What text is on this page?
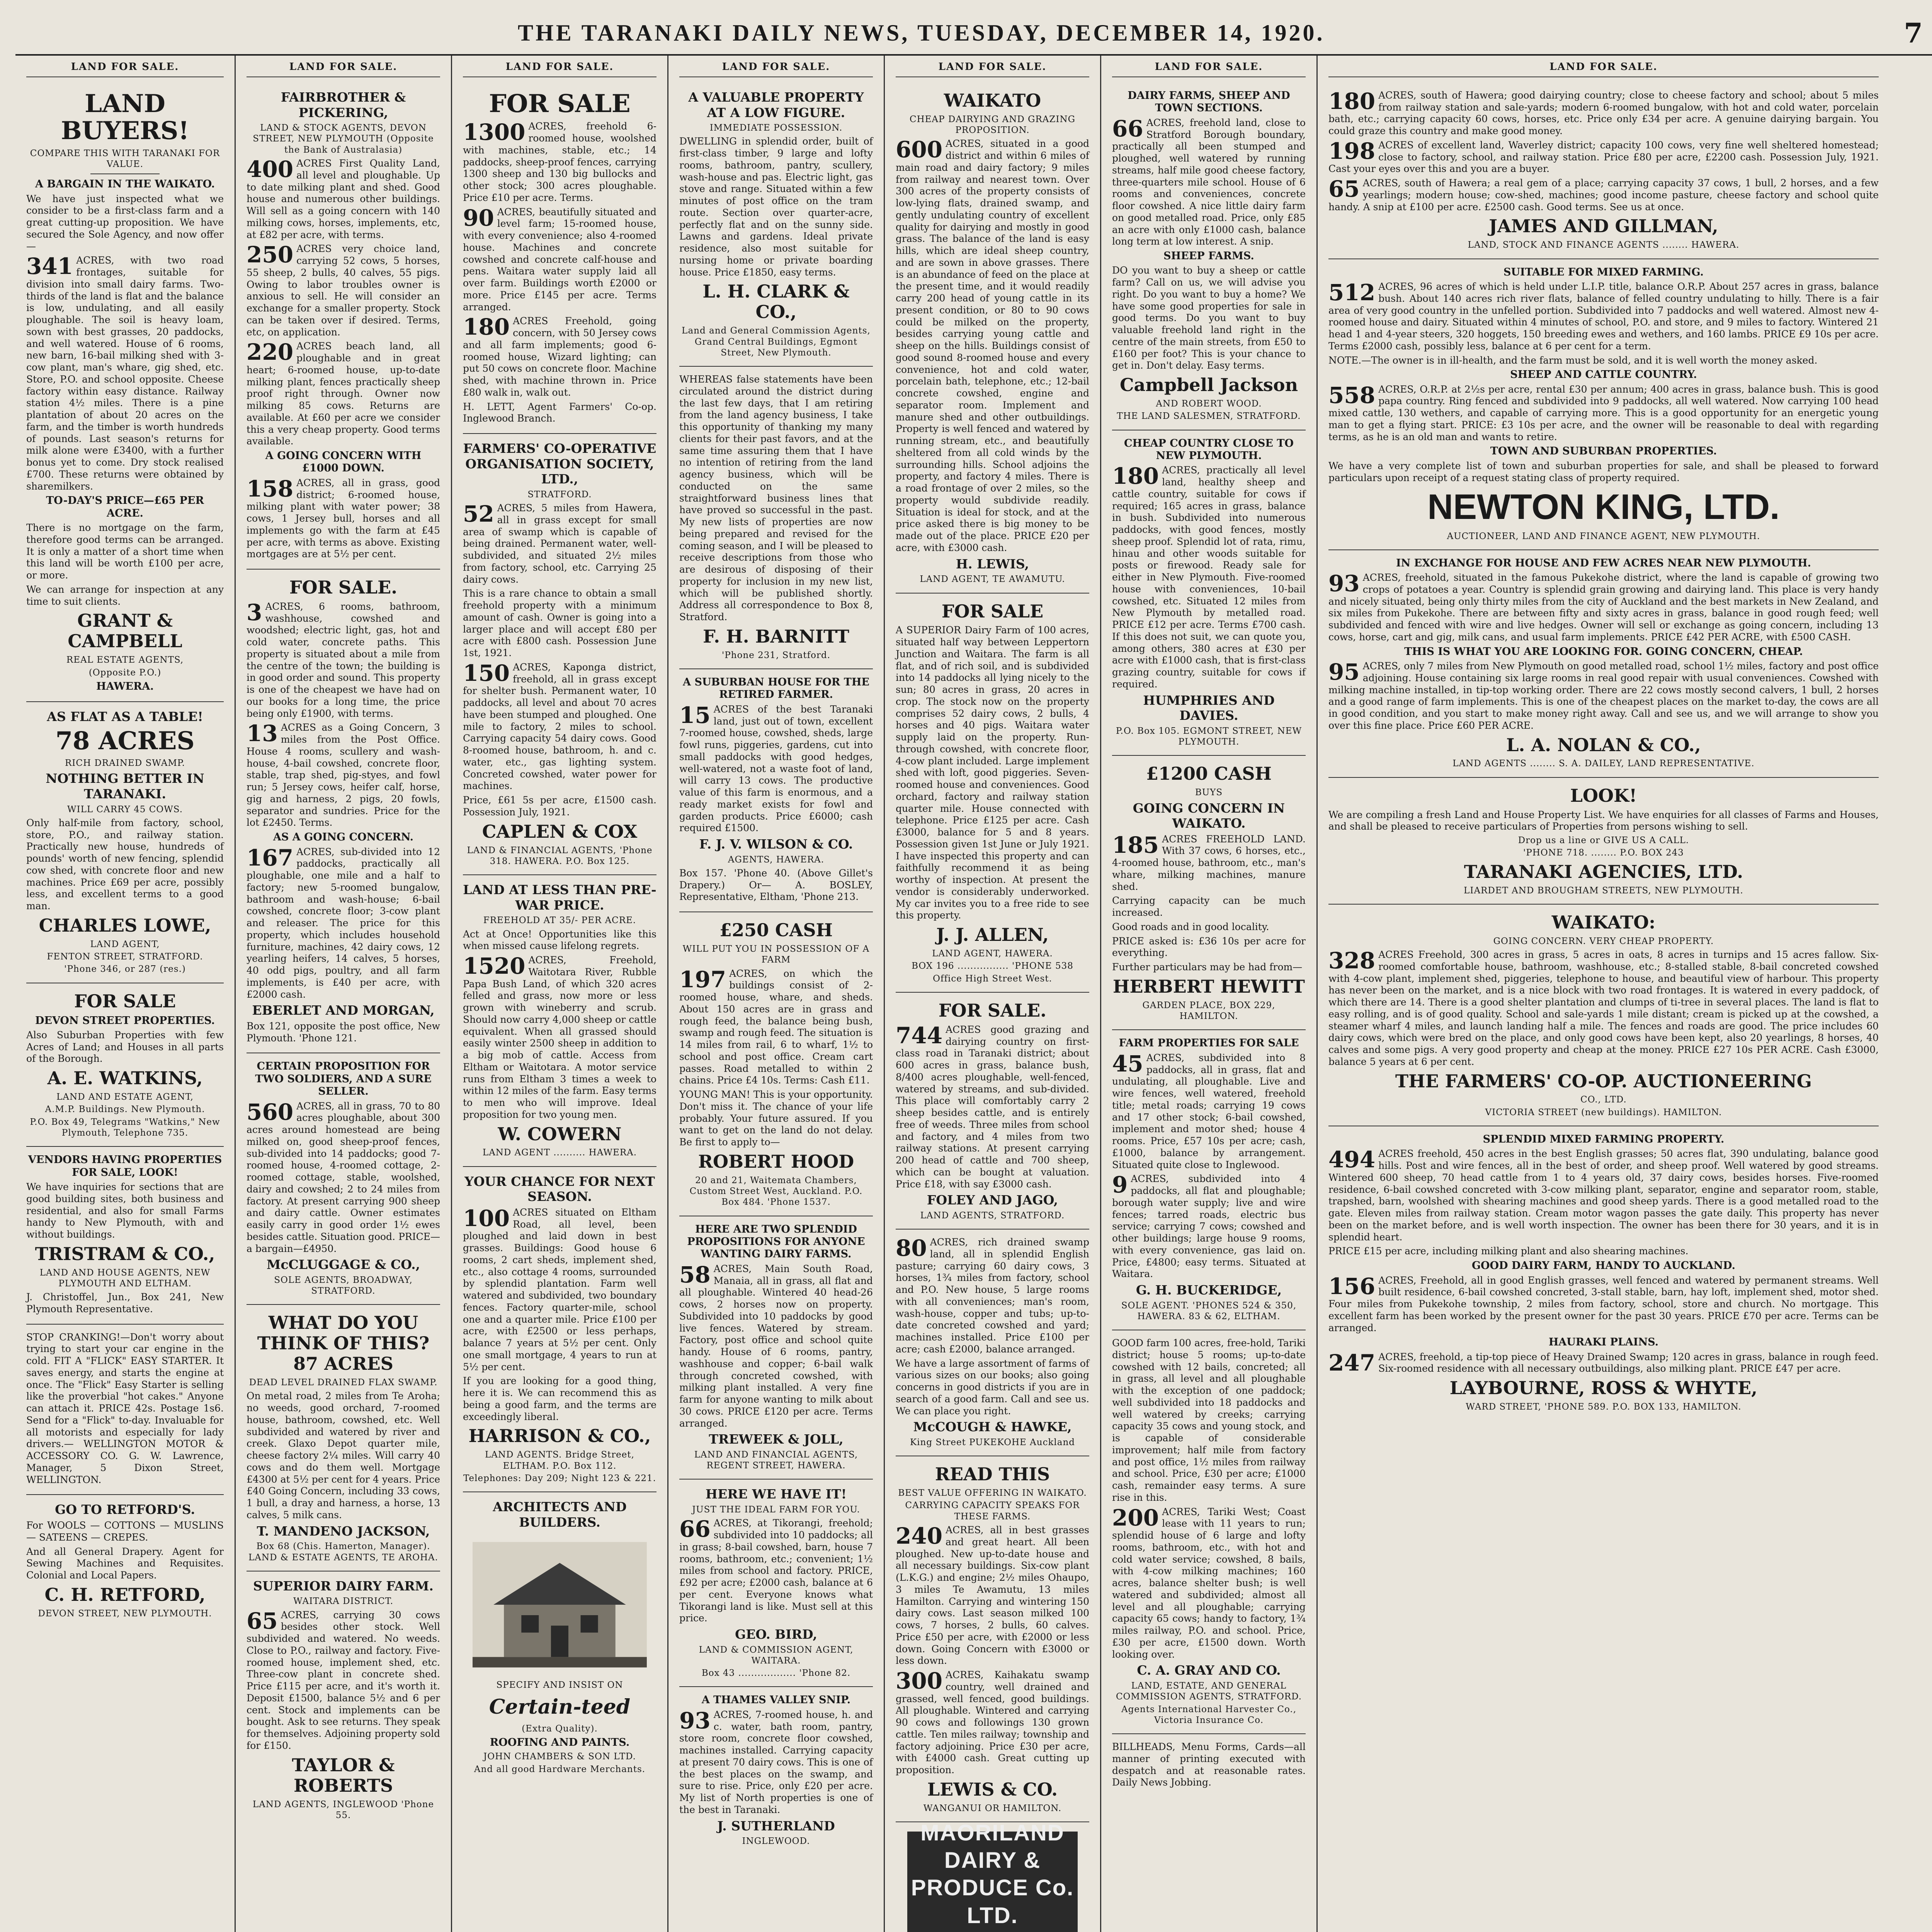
THE TARANAKI DAILY NEWS, TUESDAY, DECEMBER 14, 1920.	7
LAND FOR SALE.
LAND BUYERS!
COMPARE THIS WITH TARANAKI FOR VALUE.
A BARGAIN IN THE WAIKATO.

We have just inspected what we consider to be a first-class farm and a great cutting-up proposition. We have secured the Sole Agency, and now offer—

341 ACRES, with two road frontages, suitable for division into small dairy farms. Two-thirds of the land is flat and the balance is low, undulating, and all easily ploughable. The soil is heavy loam, sown with best grasses, 20 paddocks, and well watered. House of 6 rooms, new barn, 16-bail milking shed with 3-cow plant, man's whare, gig shed, etc. Store, P.O. and school opposite. Cheese factory within easy distance. Railway station 4½ miles. There is a pine plantation of about 20 acres on the farm, and the timber is worth hundreds of pounds. Last season's returns for milk alone were £3400, with a further bonus yet to come. Dry stock realised £700. These returns were obtained by sharemilkers.

TO-DAY'S PRICE—£65 PER ACRE.

There is no mortgage on the farm, therefore good terms can be arranged. It is only a matter of a short time when this land will be worth £100 per acre, or more.

We can arrange for inspection at any time to suit clients.

GRANT & CAMPBELL
REAL ESTATE AGENTS,
(Opposite P.O.)
HAWERA.
AS FLAT AS A TABLE!
78 ACRES
RICH DRAINED SWAMP.
NOTHING BETTER IN TARANAKI.
WILL CARRY 45 COWS.

Only half-mile from factory, school, store, P.O., and railway station. Practically new house, hundreds of pounds' worth of new fencing, splendid cow shed, with concrete floor and new machines. Price £69 per acre, possibly less, and excellent terms to a good man.

CHARLES LOWE,
LAND AGENT,
FENTON STREET, STRATFORD.
'Phone 346, or 287 (res.)
FOR SALE
DEVON STREET PROPERTIES.

Also Suburban Properties with few Acres of Land; and Houses in all parts of the Borough.

A. E. WATKINS,
LAND AND ESTATE AGENT,
A.M.P. Buildings. New Plymouth.
P.O. Box 49, Telegrams "Watkins," New Plymouth, Telephone 735.
VENDORS HAVING PROPERTIES FOR SALE, LOOK!

We have inquiries for sections that are good building sites, both business and residential, and also for small Farms handy to New Plymouth, with and without buildings.

TRISTRAM & CO.,
LAND AND HOUSE AGENTS, NEW PLYMOUTH AND ELTHAM.

J. Christoffel, Jun., Box 241, New Plymouth Representative.

STOP CRANKING!—Don't worry about trying to start your car engine in the cold. FIT A "FLICK" EASY STARTER. It saves energy, and starts the engine at once. The "Flick" Easy Starter is selling like the proverbial "hot cakes." Anyone can attach it. PRICE 42s. Postage 1s6. Send for a "Flick" to-day. Invaluable for all motorists and especially for lady drivers.— WELLINGTON MOTOR & ACCESSORY CO. G. W. Lawrence, Manager, 5 Dixon Street, WELLINGTON.

GO TO RETFORD'S.

For WOOLS — COTTONS — MUSLINS — SATEENS — CREPES.

And all General Drapery. Agent for Sewing Machines and Requisites. Colonial and Local Papers.

C. H. RETFORD,
DEVON STREET, NEW PLYMOUTH.
LAND FOR SALE.
FAIRBROTHER & PICKERING,
LAND & STOCK AGENTS, DEVON STREET, NEW PLYMOUTH (Opposite the Bank of Australasia)

400 ACRES First Quality Land, all level and ploughable. Up to date milking plant and shed. Good house and numerous other buildings. Will sell as a going concern with 140 milking cows, horses, implements, etc, at £82 per acre, with terms.

250 ACRES very choice land, carrying 52 cows, 5 horses, 55 sheep, 2 bulls, 40 calves, 55 pigs. Owing to labor troubles owner is anxious to sell. He will consider an exchange for a smaller property. Stock can be taken over if desired. Terms, etc, on application.

220 ACRES beach land, all ploughable and in great heart; 6-roomed house, up-to-date milking plant, fences practically sheep proof right through. Owner now milking 85 cows. Returns are available. At £60 per acre we consider this a very cheap property. Good terms available.

A GOING CONCERN WITH £1000 DOWN.

158 ACRES, all in grass, good district; 6-roomed house, milking plant with water power; 38 cows, 1 Jersey bull, horses and all implements go with the farm at £45 per acre, with terms as above. Existing mortgages are at 5½ per cent.

FOR SALE.

3 ACRES, 6 rooms, bathroom, washhouse, cowshed and woodshed; electric light, gas, hot and cold water, concrete paths. This property is situated about a mile from the centre of the town; the building is in good order and sound. This property is one of the cheapest we have had on our books for a long time, the price being only £1900, with terms.

13 ACRES as a Going Concern, 3 miles from the Post Office. House 4 rooms, scullery and wash-house, 4-bail cowshed, concrete floor, stable, trap shed, pig-styes, and fowl run; 5 Jersey cows, heifer calf, horse, gig and harness, 2 pigs, 20 fowls, separator and sundries. Price for the lot £2450. Terms.

AS A GOING CONCERN.

167 ACRES, sub-divided into 12 paddocks, practically all ploughable, one mile and a half to factory; new 5-roomed bungalow, bathroom and wash-house; 6-bail cowshed, concrete floor; 3-cow plant and releaser. The price for this property, which includes household furniture, machines, 42 dairy cows, 12 yearling heifers, 14 calves, 5 horses, 40 odd pigs, poultry, and all farm implements, is £40 per acre, with £2000 cash.

EBERLET AND MORGAN,

Box 121, opposite the post office, New Plymouth. 'Phone 121.

CERTAIN PROPOSITION FOR TWO SOLDIERS, AND A SURE SELLER.

560 ACRES, all in grass, 70 to 80 acres ploughable, about 300 acres around homestead are being milked on, good sheep-proof fences, sub-divided into 14 paddocks; good 7-roomed house, 4-roomed cottage, 2-roomed cottage, stable, woolshed, dairy and cowshed; 2 to 24 miles from factory. At present carrying 900 sheep and dairy cattle. Owner estimates easily carry in good order 1½ ewes besides cattle. Situation good. PRICE—a bargain—£4950.

McCLUGGAGE & CO.,
SOLE AGENTS, BROADWAY, STRATFORD.
WHAT DO YOU THINK OF THIS? 87 ACRES
DEAD LEVEL DRAINED FLAX SWAMP.

On metal road, 2 miles from Te Aroha; no weeds, good orchard, 7-roomed house, bathroom, cowshed, etc. Well subdivided and watered by river and creek. Glaxo Depot quarter mile, cheese factory 2¼ miles. Will carry 40 cows and do them well. Mortgage £4300 at 5½ per cent for 4 years. Price £40 Going Concern, including 33 cows, 1 bull, a dray and harness, a horse, 13 calves, 5 milk cans.

T. MANDENO JACKSON,
Box 68 (Chis. Hamerton, Manager). LAND & ESTATE AGENTS, TE AROHA.
SUPERIOR DAIRY FARM.
WAITARA DISTRICT.

65 ACRES, carrying 30 cows besides other stock. Well subdivided and watered. No weeds. Close to P.O., railway and factory. Five-roomed house, implement shed, etc. Three-cow plant in concrete shed. Price £115 per acre, and it's worth it. Deposit £1500, balance 5½ and 6 per cent. Stock and implements can be bought. Ask to see returns. They speak for themselves. Adjoining property sold for £150.

TAYLOR & ROBERTS
LAND AGENTS, INGLEWOOD 'Phone 55.
LAND FOR SALE.
FOR SALE

1300 ACRES, freehold 6-roomed house, woolshed with machines, stable, etc.; 14 paddocks, sheep-proof fences, carrying 1300 sheep and 130 big bullocks and other stock; 300 acres ploughable. Price £10 per acre. Terms.

90 ACRES, beautifully situated and level farm; 15-roomed house, with every convenience; also 4-roomed house. Machines and concrete cowshed and concrete calf-house and pens. Waitara water supply laid all over farm. Buildings worth £2000 or more. Price £145 per acre. Terms arranged.

180 ACRES Freehold, going concern, with 50 Jersey cows and all farm implements; good 6-roomed house, Wizard lighting; can put 50 cows on concrete floor. Machine shed, with machine thrown in. Price £80 walk in, walk out.

H. LETT, Agent Farmers' Co-op. Inglewood Branch.

FARMERS' CO-OPERATIVE ORGANISATION SOCIETY, LTD.,
STRATFORD.

52 ACRES, 5 miles from Hawera, all in grass except for small area of swamp which is capable of being drained. Permanent water, well-subdivided, and situated 2½ miles from factory, school, etc. Carrying 25 dairy cows.

This is a rare chance to obtain a small freehold property with a minimum amount of cash. Owner is going into a larger place and will accept £80 per acre with £800 cash. Possession June 1st, 1921.

150 ACRES, Kaponga district, freehold, all in grass except for shelter bush. Permanent water, 10 paddocks, all level and about 70 acres have been stumped and ploughed. One mile to factory, 2 miles to school. Carrying capacity 54 dairy cows. Good 8-roomed house, bathroom, h. and c. water, etc., gas lighting system. Concreted cowshed, water power for machines.

Price, £61 5s per acre, £1500 cash. Possession July, 1921.

CAPLEN & COX
LAND & FINANCIAL AGENTS, 'Phone 318. HAWERA. P.O. Box 125.
LAND AT LESS THAN PRE-WAR PRICE.
FREEHOLD AT 35/- PER ACRE.

Act at Once! Opportunities like this when missed cause lifelong regrets.

1520 ACRES, Freehold, Waitotara River, Rubble Papa Bush Land, of which 320 acres felled and grass, now more or less grown with wineberry and scrub. Should now carry 4,000 sheep or cattle equivalent. When all grassed should easily winter 2500 sheep in addition to a big mob of cattle. Access from Eltham or Waitotara. A motor service runs from Eltham 3 times a week to within 12 miles of the farm. Easy terms to men who will improve. Ideal proposition for two young men.

W. COWERN
LAND AGENT .......... HAWERA.
YOUR CHANCE FOR NEXT SEASON.

100 ACRES situated on Eltham Road, all level, been ploughed and laid down in best grasses. Buildings: Good house 6 rooms, 2 cart sheds, implement shed, etc., also cottage 4 rooms, surrounded by splendid plantation. Farm well watered and subdivided, two boundary fences. Factory quarter-mile, school one and a quarter mile. Price £100 per acre, with £2500 or less perhaps, balance 7 years at 5½ per cent. Only one small mortgage, 4 years to run at 5½ per cent.

If you are looking for a good thing, here it is. We can recommend this as being a good farm, and the terms are exceedingly liberal.

HARRISON & CO.,
LAND AGENTS. Bridge Street, ELTHAM. P.O. Box 112.
Telephones: Day 209; Night 123 & 221.
ARCHITECTS AND BUILDERS.
SPECIFY AND INSIST ON
Certain-teed
(Extra Quality).
ROOFING AND PAINTS.
JOHN CHAMBERS & SON LTD.
And all good Hardware Merchants.
LAND FOR SALE.
A VALUABLE PROPERTY AT A LOW FIGURE.
IMMEDIATE POSSESSION.

DWELLING in splendid order, built of first-class timber, 9 large and lofty rooms, bathroom, pantry, scullery, wash-house and pas. Electric light, gas stove and range. Situated within a few minutes of post office on the tram route. Section over quarter-acre, perfectly flat and on the sunny side. Lawns and gardens. Ideal private residence, also most suitable for nursing home or private boarding house. Price £1850, easy terms.

L. H. CLARK & CO.,
Land and General Commission Agents, Grand Central Buildings, Egmont Street, New Plymouth.

WHEREAS false statements have been circulated around the district during the last few days, that I am retiring from the land agency business, I take this opportunity of thanking my many clients for their past favors, and at the same time assuring them that I have no intention of retiring from the land agency business, which will be conducted on the same straightforward business lines that have proved so successful in the past. My new lists of properties are now being prepared and revised for the coming season, and I will be pleased to receive descriptions from those who are desirous of disposing of their property for inclusion in my new list, which will be published shortly. Address all correspondence to Box 8, Stratford.

F. H. BARNITT
'Phone 231, Stratford.
A SUBURBAN HOUSE FOR THE RETIRED FARMER.

15 ACRES of the best Taranaki land, just out of town, excellent 7-roomed house, cowshed, sheds, large fowl runs, piggeries, gardens, cut into small paddocks with good hedges, well-watered, not a waste foot of land, will carry 13 cows. The productive value of this farm is enormous, and a ready market exists for fowl and garden products. Price £6000; cash required £1500.

F. J. V. WILSON & CO.
AGENTS, HAWERA.

Box 157. 'Phone 40. (Above Gillet's Drapery.) Or— A. BOSLEY, Representative, Eltham, 'Phone 213.

£250 CASH
WILL PUT YOU IN POSSESSION OF A FARM

197 ACRES, on which the buildings consist of 2-roomed house, whare, and sheds. About 150 acres are in grass and rough feed, the balance being bush, swamp and rough feed. The situation is 14 miles from rail, 6 to wharf, 1½ to school and post office. Cream cart passes. Road metalled to within 2 chains. Price £4 10s. Terms: Cash £11.

YOUNG MAN! This is your opportunity. Don't miss it. The chance of your life probably. Your future assured. If you want to get on the land do not delay. Be first to apply to—

ROBERT HOOD
20 and 21, Waitemata Chambers, Custom Street West, Auckland. P.O. Box 484. 'Phone 1537.
HERE ARE TWO SPLENDID PROPOSITIONS FOR ANYONE WANTING DAIRY FARMS.

58 ACRES, Main South Road, Manaia, all in grass, all flat and all ploughable. Wintered 40 head-26 cows, 2 horses now on property. Subdivided into 10 paddocks by good live fences. Watered by stream. Factory, post office and school quite handy. House of 6 rooms, pantry, washhouse and copper; 6-bail walk through concreted cowshed, with milking plant installed. A very fine farm for anyone wanting to milk about 30 cows. PRICE £120 per acre. Terms arranged.

TREWEEK & JOLL,
LAND AND FINANCIAL AGENTS, REGENT STREET, HAWERA.
HERE WE HAVE IT!
JUST THE IDEAL FARM FOR YOU.

66 ACRES, at Tikorangi, freehold; subdivided into 10 paddocks; all in grass; 8-bail cowshed, barn, house 7 rooms, bathroom, etc.; convenient; 1½ miles from school and factory. PRICE, £92 per acre; £2000 cash, balance at 6 per cent. Everyone knows what Tikorangi land is like. Must sell at this price.

GEO. BIRD,
LAND & COMMISSION AGENT, WAITARA.
Box 43 .................. 'Phone 82.
A THAMES VALLEY SNIP.

93 ACRES, 7-roomed house, h. and c. water, bath room, pantry, store room, concrete floor cowshed, machines installed. Carrying capacity at present 70 dairy cows. This is one of the best places on the swamp, and sure to rise. Price, only £20 per acre. My list of North properties is one of the best in Taranaki.

J. SUTHERLAND
INGLEWOOD.
LAND FOR SALE.
WAIKATO
CHEAP DAIRYING AND GRAZING PROPOSITION.

600 ACRES, situated in a good district and within 6 miles of main road and dairy factory; 9 miles from railway and nearest town. Over 300 acres of the property consists of low-lying flats, drained swamp, and gently undulating country of excellent quality for dairying and mostly in good grass. The balance of the land is easy hills, which are ideal sheep country, and are sown in above grasses. There is an abundance of feed on the place at the present time, and it would readily carry 200 head of young cattle in its present condition, or 80 to 90 cows could be milked on the property, besides carrying young cattle and sheep on the hills. Buildings consist of good sound 8-roomed house and every convenience, hot and cold water, porcelain bath, telephone, etc.; 12-bail concrete cowshed, engine and separator room. Implement and manure shed and other outbuildings. Property is well fenced and watered by running stream, etc., and beautifully sheltered from all cold winds by the surrounding hills. School adjoins the property, and factory 4 miles. There is a road frontage of over 2 miles, so the property would subdivide readily. Situation is ideal for stock, and at the price asked there is big money to be made out of the place. PRICE £20 per acre, with £3000 cash.

H. LEWIS,
LAND AGENT, TE AWAMUTU.
FOR SALE

A SUPERIOR Dairy Farm of 100 acres, situated half way between Leppertorn Junction and Waitara. The farm is all flat, and of rich soil, and is subdivided into 14 paddocks all lying nicely to the sun; 80 acres in grass, 20 acres in crop. The stock now on the property comprises 52 dairy cows, 2 bulls, 4 horses and 40 pigs. Waitara water supply laid on the property. Run-through cowshed, with concrete floor, 4-cow plant included. Large implement shed with loft, good piggeries. Seven-roomed house and conveniences. Good orchard, factory and railway station quarter mile. House connected with telephone. Price £125 per acre. Cash £3000, balance for 5 and 8 years. Possession given 1st June or July 1921. I have inspected this property and can faithfully recommend it as being worthy of inspection. At present the vendor is considerably underworked. My car invites you to a free ride to see this property.

J. J. ALLEN,
LAND AGENT, HAWERA.
BOX 196 ................ 'PHONE 538
Office High Street West.
FOR SALE.

744 ACRES good grazing and dairying country on first-class road in Taranaki district; about 600 acres in grass, balance bush, 8/400 acres ploughable, well-fenced, watered by streams, and sub-divided. This place will comfortably carry 2 sheep besides cattle, and is entirely free of weeds. Three miles from school and factory, and 4 miles from two railway stations. At present carrying 200 head of cattle and 700 sheep, which can be bought at valuation. Price £18, with say £3000 cash.

FOLEY AND JAGO,
LAND AGENTS, STRATFORD.

80 ACRES, rich drained swamp land, all in splendid English pasture; carrying 60 dairy cows, 3 horses, 1¾ miles from factory, school and P.O. New house, 5 large rooms with all conveniences; man's room, wash-house, copper and tubs; up-to-date concreted cowshed and yard; machines installed. Price £100 per acre; cash £2000, balance arranged.

We have a large assortment of farms of various sizes on our books; also going concerns in good districts if you are in search of a good farm. Call and see us. We can place you right.

McCOUGH & HAWKE,
King Street PUKEKOHE Auckland
READ THIS
BEST VALUE OFFERING IN WAIKATO.
CARRYING CAPACITY SPEAKS FOR THESE FARMS.

240 ACRES, all in best grasses and great heart. All been ploughed. New up-to-date house and all necessary buildings. Six-cow plant (L.K.G.) and engine; 2½ miles Ohaupo, 3 miles Te Awamutu, 13 miles Hamilton. Carrying and wintering 150 dairy cows. Last season milked 100 cows, 7 horses, 2 bulls, 60 calves. Price £50 per acre, with £2000 or less down. Going Concern with £3000 or less down.

300 ACRES, Kaihakatu swamp country, well drained and grassed, well fenced, good buildings. All ploughable. Wintered and carrying 90 cows and followings 130 grown cattle. Ten miles railway; township and factory adjoining. Price £30 per acre, with £4000 cash. Great cutting up proposition.

LEWIS & CO.
WANGANUI OR HAMILTON.
MAORILAND DAIRY & PRODUCE Co. LTD.

LAND FOR SALE.
DAIRY FARMS, SHEEP AND TOWN SECTIONS.

66 ACRES, freehold land, close to Stratford Borough boundary, practically all been stumped and ploughed, well watered by running streams, half mile good cheese factory, three-quarters mile school. House of 6 rooms and conveniences, concrete floor cowshed. A nice little dairy farm on good metalled road. Price, only £85 an acre with only £1000 cash, balance long term at low interest. A snip.

SHEEP FARMS.

DO you want to buy a sheep or cattle farm? Call on us, we will advise you right. Do you want to buy a home? We have some good properties for sale in good terms. Do you want to buy valuable freehold land right in the centre of the main streets, from £50 to £160 per foot? This is your chance to get in. Don't delay. Easy terms.

Campbell Jackson
AND ROBERT WOOD.
THE LAND SALESMEN, STRATFORD.
CHEAP COUNTRY CLOSE TO NEW PLYMOUTH.

180 ACRES, practically all level land, healthy sheep and cattle country, suitable for cows if required; 165 acres in grass, balance in bush. Subdivided into numerous paddocks, with good fences, mostly sheep proof. Splendid lot of rata, rimu, hinau and other woods suitable for posts or firewood. Ready sale for either in New Plymouth. Five-roomed house with conveniences, 10-bail cowshed, etc. Situated 12 miles from New Plymouth by metalled road. PRICE £12 per acre. Terms £700 cash. If this does not suit, we can quote you, among others, 380 acres at £30 per acre with £1000 cash, that is first-class grazing country, suitable for cows if required.

HUMPHRIES AND DAVIES.
P.O. Box 105. EGMONT STREET, NEW PLYMOUTH.
£1200 CASH
BUYS
GOING CONCERN IN WAIKATO.

185 ACRES FREEHOLD LAND. With 37 cows, 6 horses, etc., 4-roomed house, bathroom, etc., man's whare, milking machines, manure shed.

Carrying capacity can be much increased.

Good roads and in good locality.

PRICE asked is: £36 10s per acre for everything.

Further particulars may be had from—

HERBERT HEWITT
GARDEN PLACE, BOX 229, HAMILTON.
FARM PROPERTIES FOR SALE

45 ACRES, subdivided into 8 paddocks, all in grass, flat and undulating, all ploughable. Live and wire fences, well watered, freehold title; metal roads; carrying 19 cows and 17 other stock; 6-bail cowshed, implement and motor shed; house 4 rooms. Price, £57 10s per acre; cash, £1000, balance by arrangement. Situated quite close to Inglewood.

9 ACRES, subdivided into 4 paddocks, all flat and ploughable; borough water supply; live and wire fences; tarred roads, electric bus service; carrying 7 cows; cowshed and other buildings; large house 9 rooms, with every convenience, gas laid on. Price, £4800; easy terms. Situated at Waitara.

G. H. BUCKERIDGE,
SOLE AGENT. 'PHONES 524 & 350, HAWERA. 83 & 62, ELTHAM.

GOOD farm 100 acres, free-hold, Tariki district; house 5 rooms; up-to-date cowshed with 12 bails, concreted; all in grass, all level and all ploughable with the exception of one paddock; well subdivided into 18 paddocks and well watered by creeks; carrying capacity 35 cows and young stock, and is capable of considerable improvement; half mile from factory and post office, 1½ miles from railway and school. Price, £30 per acre; £1000 cash, remainder easy terms. A sure rise in this.

200 ACRES, Tariki West; Coast lease with 11 years to run; splendid house of 6 large and lofty rooms, bathroom, etc., with hot and cold water service; cowshed, 8 bails, with 4-cow milking machines; 160 acres, balance shelter bush; is well watered and subdivided; almost all level and all ploughable; carrying capacity 65 cows; handy to factory, 1¾ miles railway, P.O. and school. Price, £30 per acre, £1500 down. Worth looking over.

C. A. GRAY AND CO.
LAND, ESTATE, AND GENERAL COMMISSION AGENTS, STRATFORD.
Agents International Harvester Co., Victoria Insurance Co.

BILLHEADS, Menu Forms, Cards—all manner of printing executed with despatch and at reasonable rates. Daily News Jobbing.

LAND FOR SALE.

180 ACRES, south of Hawera; good dairying country; close to cheese factory and school; about 5 miles from railway station and sale-yards; modern 6-roomed bungalow, with hot and cold water, porcelain bath, etc.; carrying capacity 60 cows, horses, etc. Price only £34 per acre. A genuine dairying bargain. You could graze this country and make good money.

198 ACRES of excellent land, Waverley district; capacity 100 cows, very fine well sheltered homestead; close to factory, school, and railway station. Price £80 per acre, £2200 cash. Possession July, 1921. Cast your eyes over this and you are a buyer.

65 ACRES, south of Hawera; a real gem of a place; carrying capacity 37 cows, 1 bull, 2 horses, and a few yearlings; modern house; cow-shed, machines; good income pasture, cheese factory and school quite handy. A snip at £100 per acre. £2500 cash. Good terms. See us at once.

JAMES AND GILLMAN,
LAND, STOCK AND FINANCE AGENTS ........ HAWERA.
SUITABLE FOR MIXED FARMING.

512 ACRES, 96 acres of which is held under L.I.P. title, balance O.R.P. About 257 acres in grass, balance bush. About 140 acres rich river flats, balance of felled country undulating to hilly. There is a fair area of very good country in the unfelled portion. Subdivided into 7 paddocks and well watered. Almost new 4-roomed house and dairy. Situated within 4 minutes of school, P.O. and store, and 9 miles to factory. Wintered 21 head 1 and 4-year steers, 320 hoggets, 150 breeding ewes and wethers, and 160 lambs. PRICE £9 10s per acre. Terms £2000 cash, possibly less, balance at 6 per cent for a term.

NOTE.—The owner is in ill-health, and the farm must be sold, and it is well worth the money asked.

SHEEP AND CATTLE COUNTRY.

558 ACRES, O.R.P. at 2½s per acre, rental £30 per annum; 400 acres in grass, balance bush. This is good papa country. Ring fenced and subdivided into 9 paddocks, all well watered. Now carrying 100 head mixed cattle, 130 wethers, and capable of carrying more. This is a good opportunity for an energetic young man to get a flying start. PRICE: £3 10s per acre, and the owner will be reasonable to deal with regarding terms, as he is an old man and wants to retire.

TOWN AND SUBURBAN PROPERTIES.

We have a very complete list of town and suburban properties for sale, and shall be pleased to forward particulars upon receipt of a request stating class of property required.

NEWTON KING, LTD.
AUCTIONEER, LAND AND FINANCE AGENT, NEW PLYMOUTH.
IN EXCHANGE FOR HOUSE AND FEW ACRES NEAR NEW PLYMOUTH.

93 ACRES, freehold, situated in the famous Pukekohe district, where the land is capable of growing two crops of potatoes a year. Country is splendid grain growing and dairying land. This place is very handy and nicely situated, being only thirty miles from the city of Auckland and the best markets in New Zealand, and six miles from Pukekohe. There are between fifty and sixty acres in grass, balance in good rough feed; well subdivided and fenced with wire and live hedges. Owner will sell or exchange as going concern, including 13 cows, horse, cart and gig, milk cans, and usual farm implements. PRICE £42 PER ACRE, with £500 CASH.

THIS IS WHAT YOU ARE LOOKING FOR. GOING CONCERN, CHEAP.

95 ACRES, only 7 miles from New Plymouth on good metalled road, school 1½ miles, factory and post office adjoining. House containing six large rooms in real good repair with usual conveniences. Cowshed with milking machine installed, in tip-top working order. There are 22 cows mostly second calvers, 1 bull, 2 horses and a good range of farm implements. This is one of the cheapest places on the market to-day, the cows are all in good condition, and you start to make money right away. Call and see us, and we will arrange to show you over this fine place. Price £60 PER ACRE.

L. A. NOLAN & CO.,
LAND AGENTS ........ S. A. DAILEY, LAND REPRESENTATIVE.
LOOK!

We are compiling a fresh Land and House Property List. We have enquiries for all classes of Farms and Houses, and shall be pleased to receive particulars of Properties from persons wishing to sell.

Drop us a line or GIVE US A CALL.
'PHONE 718. ........ P.O. BOX 243
TARANAKI AGENCIES, LTD.
LIARDET AND BROUGHAM STREETS, NEW PLYMOUTH.
WAIKATO:
GOING CONCERN. VERY CHEAP PROPERTY.

328 ACRES Freehold, 300 acres in grass, 5 acres in oats, 8 acres in turnips and 15 acres fallow. Six-roomed comfortable house, bathroom, washhouse, etc.; 8-stalled stable, 8-bail concreted cowshed with 4-cow plant, implement shed, piggeries, telephone to house, and beautiful view of harbour. This property has never been on the market, and is a nice block with two road frontages. It is watered in every paddock, of which there are 14. There is a good shelter plantation and clumps of ti-tree in several places. The land is flat to easy rolling, and is of good quality. School and sale-yards 1 mile distant; cream is picked up at the cowshed, a steamer wharf 4 miles, and launch landing half a mile. The fences and roads are good. The price includes 60 dairy cows, which were bred on the place, and only good cows have been kept, also 20 yearlings, 8 horses, 40 calves and some pigs. A very good property and cheap at the money. PRICE £27 10s PER ACRE. Cash £3000, balance 5 years at 6 per cent.

THE FARMERS' CO-OP. AUCTIONEERING
CO., LTD.
VICTORIA STREET (new buildings). HAMILTON.
SPLENDID MIXED FARMING PROPERTY.

494 ACRES freehold, 450 acres in the best English grasses; 50 acres flat, 390 undulating, balance good hills. Post and wire fences, all in the best of order, and sheep proof. Well watered by good streams. Wintered 600 sheep, 70 head cattle from 1 to 4 years old, 37 dairy cows, besides horses. Five-roomed residence, 6-bail cowshed concreted with 3-cow milking plant, separator, engine and separator room, stable, trapshed, barn, woolshed with shearing machines and good sheep yards. There is a good metalled road to the gate. Eleven miles from railway station. Cream motor wagon passes the gate daily. This property has never been on the market before, and is well worth inspection. The owner has been there for 30 years, and it is in splendid heart.

PRICE £15 per acre, including milking plant and also shearing machines.

GOOD DAIRY FARM, HANDY TO AUCKLAND.

156 ACRES, Freehold, all in good English grasses, well fenced and watered by permanent streams. Well built residence, 6-bail cowshed concreted, 3-stall stable, barn, hay loft, implement shed, motor shed. Four miles from Pukekohe township, 2 miles from factory, school, store and church. No mortgage. This excellent farm has been worked by the present owner for the past 30 years. PRICE £70 per acre. Terms can be arranged.

HAURAKI PLAINS.

247 ACRES, freehold, a tip-top piece of Heavy Drained Swamp; 120 acres in grass, balance in rough feed. Six-roomed residence with all necessary outbuildings, also milking plant. PRICE £47 per acre.

LAYBOURNE, ROSS & WHYTE,
WARD STREET, 'PHONE 589. P.O. BOX 133, HAMILTON.
